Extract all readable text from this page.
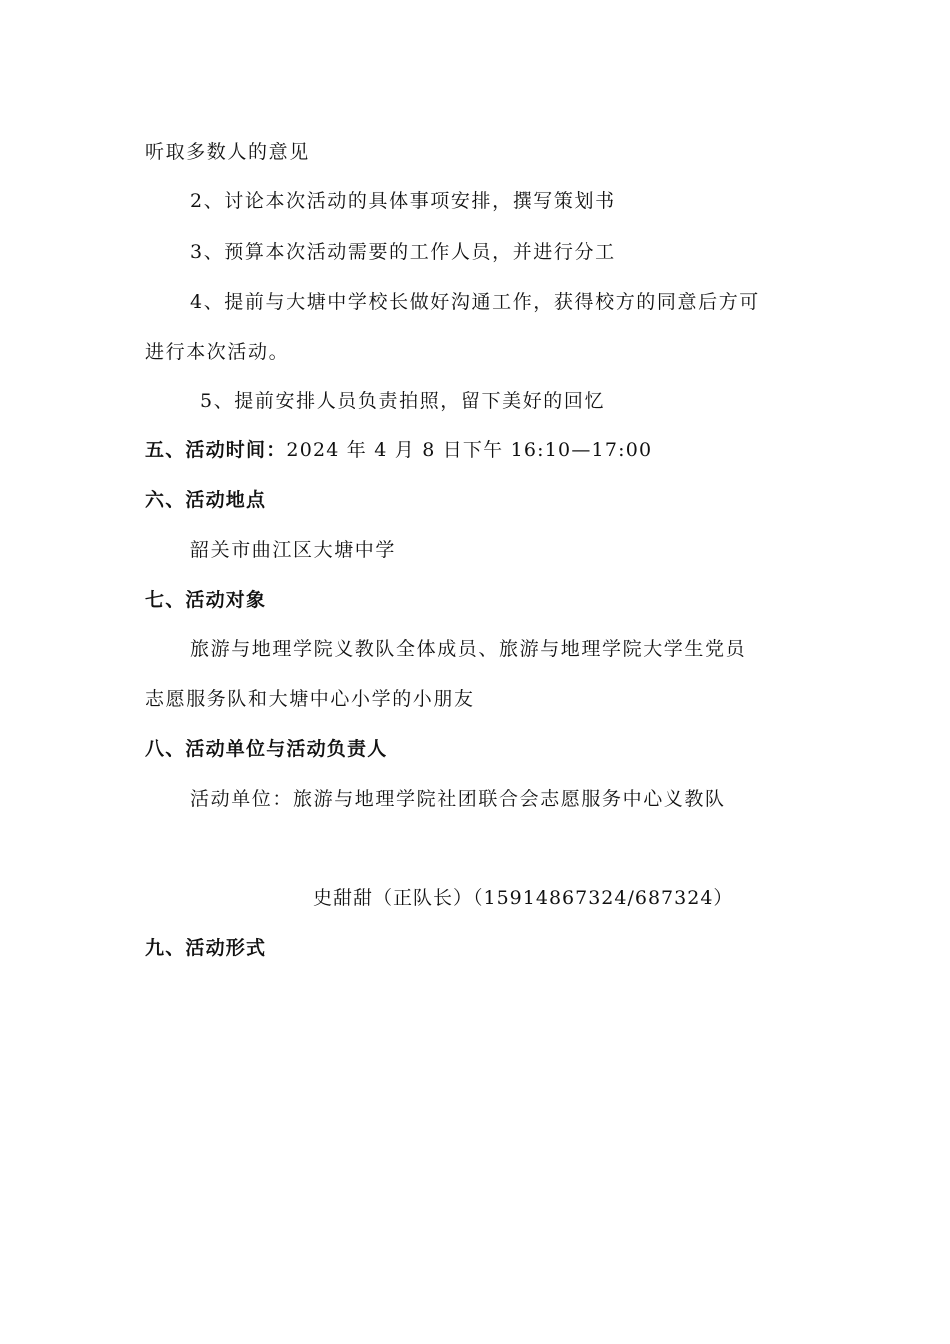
听取多数人的意见
2、讨论本次活动的具体事项安排，撰写策划书
3、预算本次活动需要的工作人员，并进行分工
4、提前与大塘中学校长做好沟通工作，获得校方的同意后方可
进行本次活动。
5、提前安排人员负责拍照，留下美好的回忆
五、活动时间：2024 年 4 月 8 日下午 16:10—17:00
六、活动地点
韶关市曲江区大塘中学
七、活动对象
旅游与地理学院义教队全体成员、旅游与地理学院大学生党员
志愿服务队和大塘中心小学的小朋友
八、活动单位与活动负责人
活动单位：旅游与地理学院社团联合会志愿服务中心义教队
史甜甜（正队长）（15914867324/687324）
九、活动形式
